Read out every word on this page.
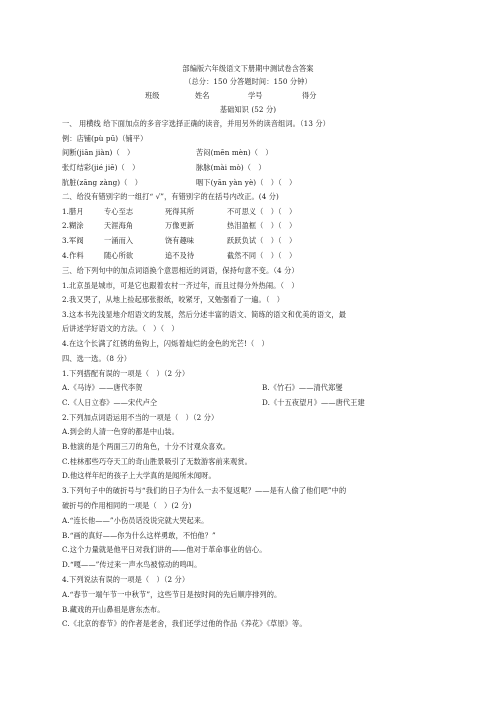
部编版六年级语文下册期中测试卷含答案
（总分：150 分答题时间：150 分钟）
班级	姓名	学号	得分
基础知识 (52 分)
一、 用横线 给下面加点的多音字选择正确的读音，并用另外的读音组词。（13 分）
例：店铺(pù pū)（铺平）
间断(jiān jiàn)（　）	苦闷(mēn mèn)（　）
张灯结彩(jié jiē)（　）	脉脉(mài mò)（　）
肮脏(zāng zàng)（　）	咽下(yān yàn yè)（　）（　）
二、给没有错别字的一组打“ √”，有错别字的在括号内改正。(4 分)
1.腊月	专心至志	死得其所	不可思义（　）（　）
2.糊涂	天涯海角	万像更新	热泪盈框（　）（　）
3.军阀	一涌而入	饶有趣味	跃跃负试（　）（　）
4.作料	随心所欲	追不及待	截然不同（　）（　）
三、给下列句中的加点词语换个意思相近的词语，保持句意不变。（4 分）
1.北京虽是城市，可是它也跟着农村一齐过年，而且过得分外热闹。（　）
2.我又哭了，从地上捡起那张报纸，咬紧牙，又勉强看了一遍。（　）
3.这本书先浅显地介绍语文的发展，然后分述丰富的语文、简练的语文和优美的语文，最
后讲述学好语文的方法。（　）（　）
4.在这个长满了红锈的鱼钩上，闪烁着灿烂的金色的光芒!（　）
四、选一选。（8 分）
1.下列搭配有误的一项是（　）（2 分）
A.《马诗》——唐代李贺	B.《竹石》——清代郑燮
C.《人日立春》——宋代卢仝	D.《十五夜望月》——唐代王建
2.下列加点词语运用不当的一项是（　）（2 分）
A.到会的人清一色穿的都是中山装。
B.他演的是个两面三刀的角色，十分不讨观众喜欢。
C.桂林那些巧夺天工的奇山胜景吸引了无数游客前来观赏。
D.他这样年纪的孩子上大学真的是闻所未闻呀。
3.下列句子中的破折号与“我们的日子为什么一去不复返呢？——是有人偷了他们吧”中的
破折号的作用相同的一项是（　）(2 分)
A.“连长他——”小伤员话没说完就大哭起来。
B.“画的真好——你为什么这样勇敢，不怕他？”
C.这个力量就是他平日对我们讲的——他对于革命事业的信心。
D.“嘎——”传过来一声水鸟被惊动的鸣叫。
4.下列说法有误的一项是（　）（2 分）
A.“春节一端午节一中秋节”，这些节日是按时间的先后顺序排列的。
B.藏戏的开山鼻祖是唐东杰布。
C.《北京的春节》的作者是老舍，我们还学过他的作品《养花》《草原》等。
